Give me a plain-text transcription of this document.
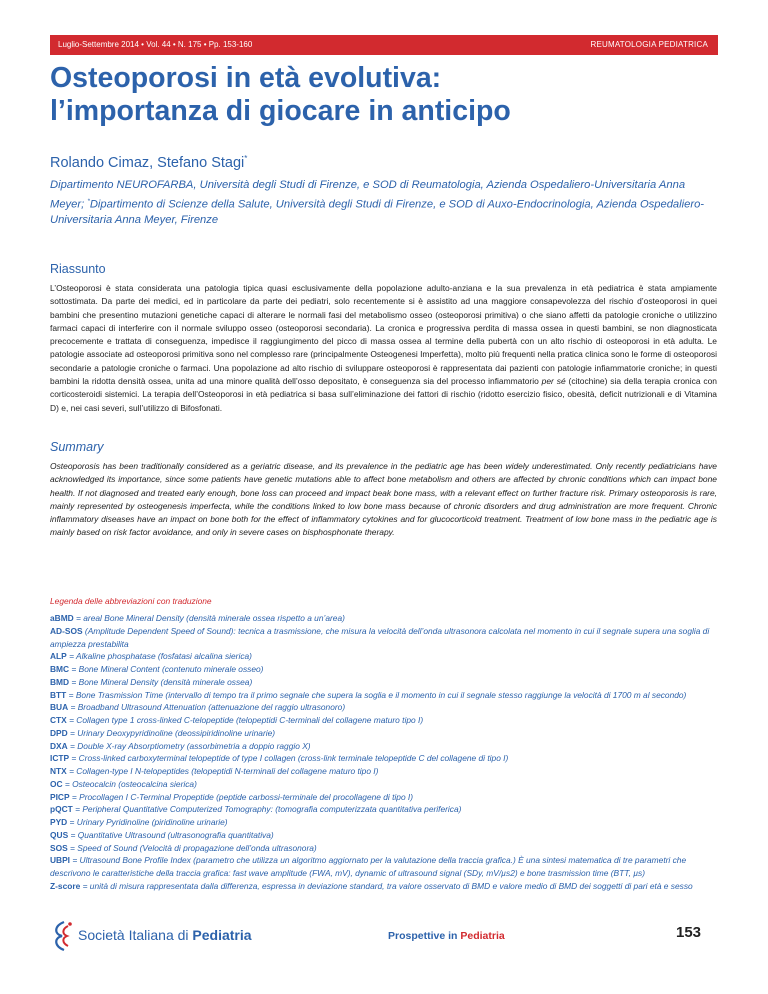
Luglio-Settembre 2014 • Vol. 44 • N. 175 • Pp. 153-160	REUMATOLOGIA PEDIATRICA
Osteoporosi in età evolutiva:
l’importanza di giocare in anticipo
Rolando Cimaz, Stefano Stagi*
Dipartimento NEUROFARBA, Università degli Studi di Firenze, e SOD di Reumatologia, Azienda Ospedaliero-Universitaria Anna Meyer; *Dipartimento di Scienze della Salute, Università degli Studi di Firenze, e SOD di Auxo-Endocrinologia, Azienda Ospedaliero-Universitaria Anna Meyer, Firenze
Riassunto

L’Osteoporosi è stata considerata una patologia tipica quasi esclusivamente della popolazione adulto-anziana e la sua prevalenza in età pediatrica è stata ampiamente sottostimata. Da parte dei medici, ed in particolare da parte dei pediatri, solo recentemente si è assistito ad una maggiore consapevolezza del rischio d’osteoporosi in quei bambini che presentino mutazioni genetiche capaci di alterare le normali fasi del metabolismo osseo (osteoporosi primitiva) o che siano affetti da patologie croniche o utilizzino farmaci capaci di interferire con il normale sviluppo osseo (osteoporosi secondaria). La cronica e progressiva perdita di massa ossea in questi bambini, se non diagnosticata precocemente e trattata di conseguenza, impedisce il raggiungimento del picco di massa ossea al termine della pubertà con un alto rischio di osteoporosi in età adulta. Le patologie associate ad osteoporosi primitiva sono nel complesso rare (principalmente Osteogenesi Imperfetta), molto più frequenti nella pratica clinica sono le forme di osteoporosi secondarie a patologie croniche o farmaci. Una popolazione ad alto rischio di sviluppare osteoporosi è rappresentata dai pazienti con patologie infiammatorie croniche; in questi bambini la ridotta densità ossea, unita ad una minore qualità dell’osso depositato, è conseguenza sia del processo infiammatorio per sé (citochine) sia della terapia cronica con corticosteroidi sistemici. La terapia dell’Osteoporosi in età pediatrica si basa sull’eliminazione dei fattori di rischio (ridotto esercizio fisico, obesità, deficit nutrizionali e di Vitamina D) e, nei casi severi, sull’utilizzo di Bifosfonati.

Summary

Osteoporosis has been traditionally considered as a geriatric disease, and its prevalence in the pediatric age has been widely underestimated. Only recently pediatricians have acknowledged its importance, since some patients have genetic mutations able to affect bone metabolism and others are affected by chronic conditions which can impact bone health. If not diagnosed and treated early enough, bone loss can proceed and impact beak bone mass, with a relevant effect on further fracture risk. Primary osteoporosis is rare, mainly represented by osteogenesis imperfecta, while the conditions linked to low bone mass because of chronic disorders and drug administration are more frequent. Chronic inflammatory diseases have an impact on bone both for the effect of inflammatory cytokines and for glucocorticoid treatment. Treatment of low bone mass in the pediatric age is mainly based on risk factor avoidance, and only in severe cases on bisphosphonate therapy.

Legenda delle abbreviazioni con traduzione

aBMD = areal Bone Mineral Density (densità minerale ossea rispetto a un’area)
AD-SOS (Amplitude Dependent Speed of Sound): tecnica a trasmissione, che misura la velocità dell’onda ultrasonora calcolata nel momento in cui il segnale supera una soglia di ampiezza prestabilita
ALP = Alkaline phosphatase (fosfatasi alcalina sierica)
BMC = Bone Mineral Content (contenuto minerale osseo)
BMD = Bone Mineral Density (densità minerale ossea)
BTT = Bone Trasmission Time (intervallo di tempo tra il primo segnale che supera la soglia e il momento in cui il segnale stesso raggiunge la velocità di 1700 m al secondo)
BUA = Broadband Ultrasound Attenuation (attenuazione del raggio ultrasonoro)
CTX = Collagen type 1 cross-linked C-telopeptide (telopeptidi C-terminali del collagene maturo tipo I)
DPD = Urinary Deoxypyridinoline (deossipiridinoline urinarie)
DXA = Double X-ray Absorptiometry (assorbimetria a doppio raggio X)
ICTP = Cross-linked carboxyterminal telopeptide of type I collagen (cross-link terminale telopeptide C del collagene di tipo I)
NTX = Collagen-type I N-telopeptides (telopeptidi N-terminali del collagene maturo tipo I)
OC = Osteocalcin (osteocalcina sierica)
PICP = Procollagen I C-Terminal Propeptide (peptide carbossi-terminale del procollagene di tipo I)
pQCT = Peripheral Quantitative Computerized Tomography: (tomografia computerizzata quantitativa periferica)
PYD = Urinary Pyridinoline (piridinoline urinarie)
QUS = Quantitative Ultrasound (ultrasonografia quantitativa)
SOS = Speed of Sound (Velocità di propagazione dell’onda ultrasonora)
UBPI = Ultrasound Bone Profile Index (parametro che utilizza un algoritmo aggiornato per la valutazione della traccia grafica.) È una sintesi matematica di tre parametri che descrivono le caratteristiche della traccia grafica: fast wave amplitude (FWA, mV), dynamic of ultrasound signal (SDy, mV/µs2) e bone trasmission time (BTT, µs)
Z-score = unità di misura rappresentata dalla differenza, espressa in deviazione standard, tra valore osservato di BMD e valore medio di BMD dei soggetti di pari età e sesso
Società Italiana di Pediatria	Prospettive in Pediatria	153
